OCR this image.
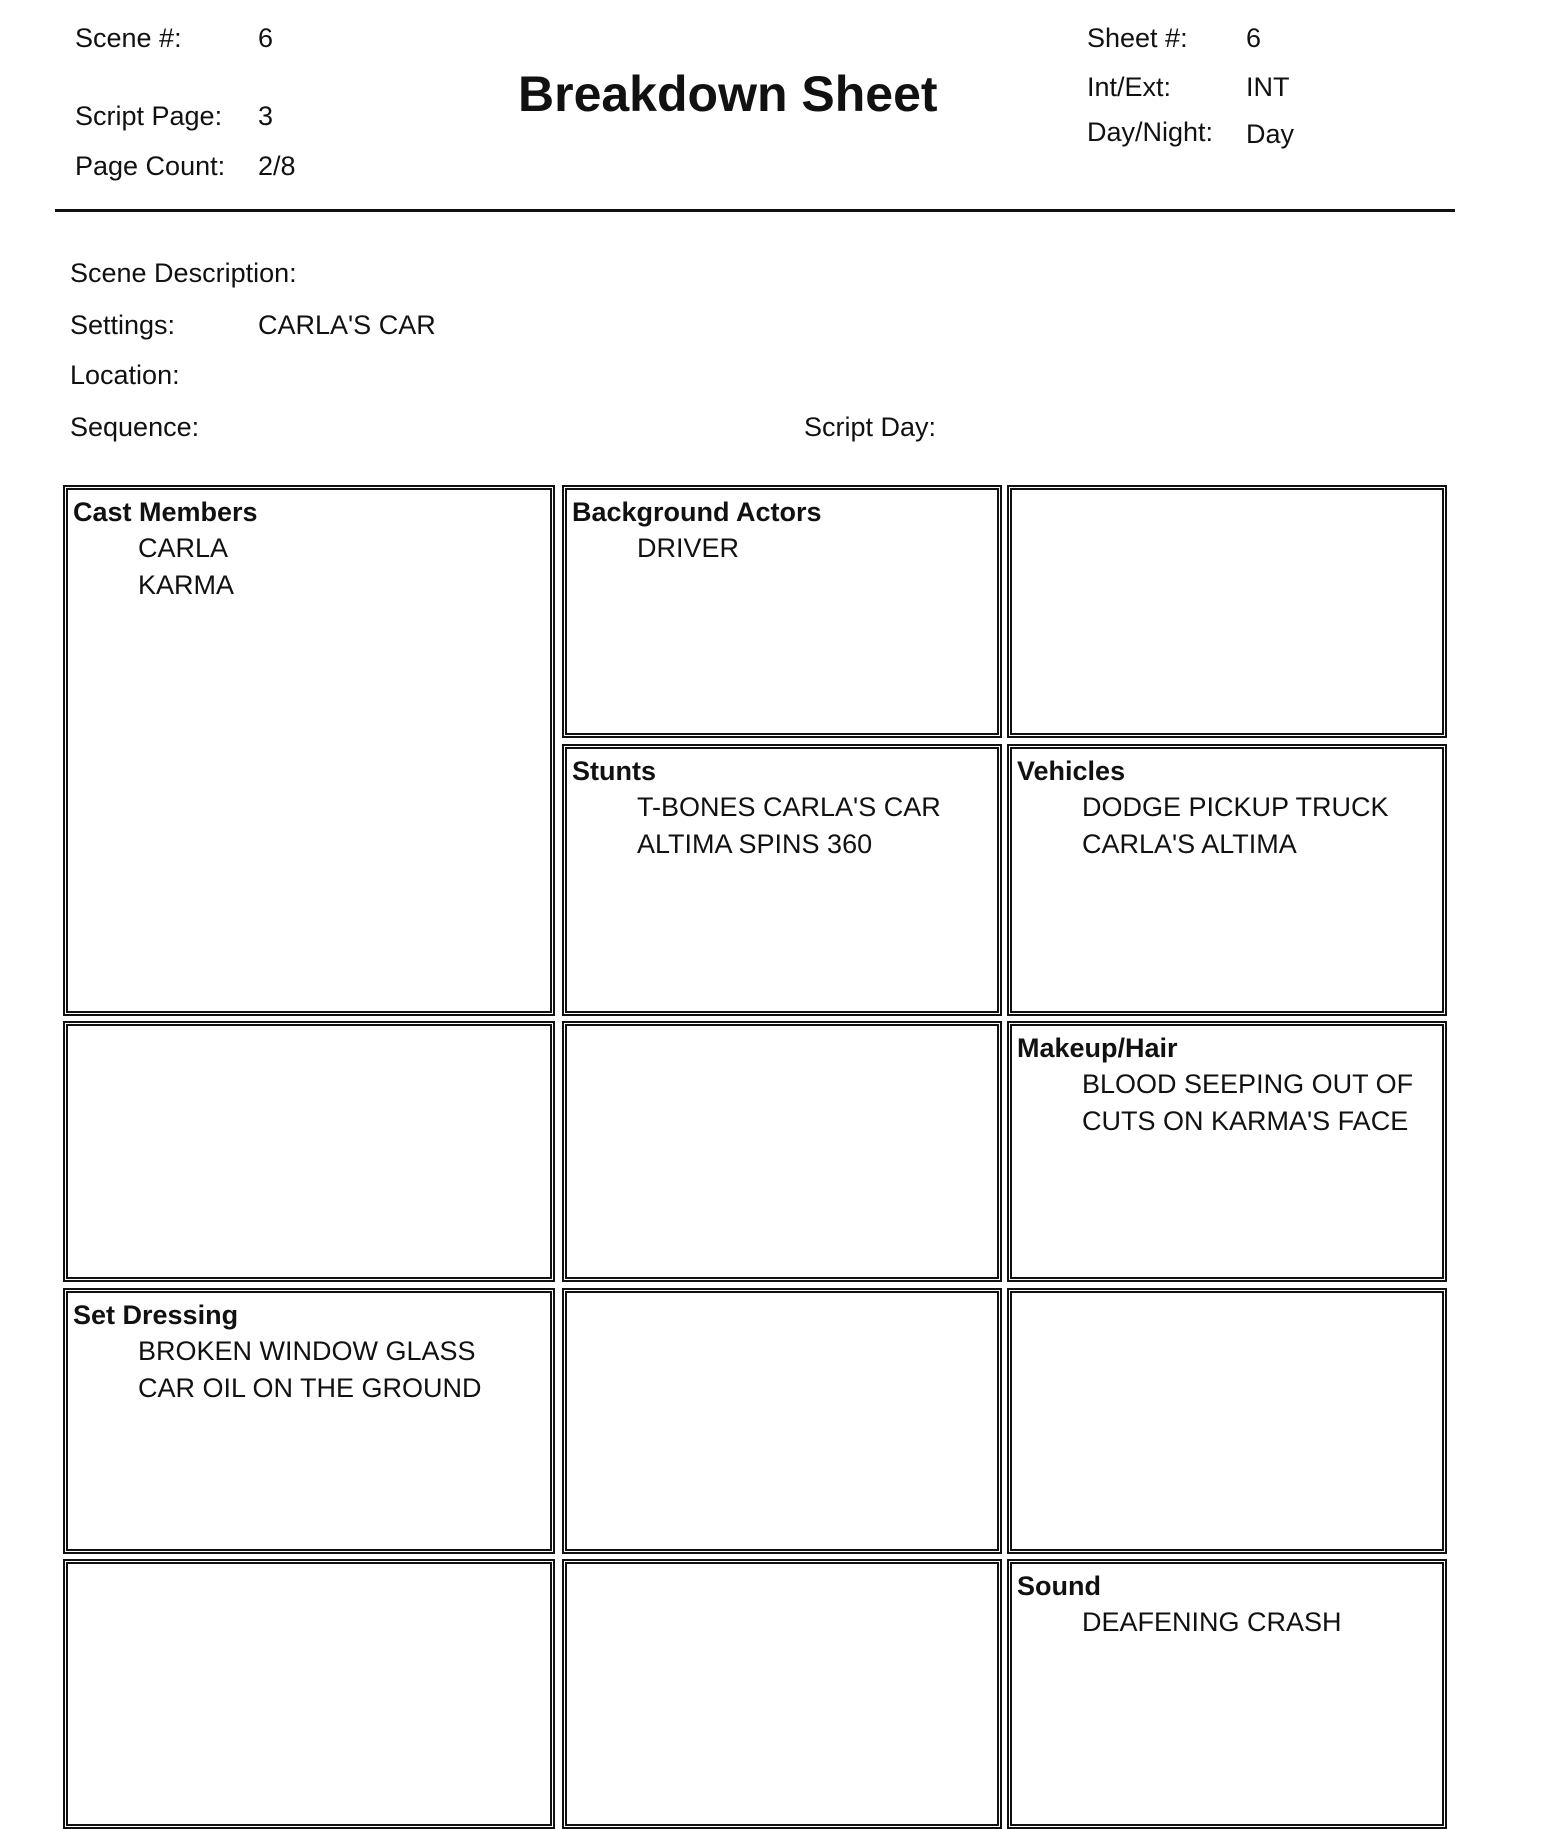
Scene #:	6
Script Page: 3
Page Count: 2/8
Breakdown Sheet
Sheet #: 6
Int/Ext:	INT
Day/Night: Day
Scene Description:
Settings:	CARLA'S CAR
Location:
Sequence:	Script Day:
Cast Members
CARLA
KARMA
Background Actors
DRIVER
Stunts
T-BONES CARLA'S CAR
ALTIMA SPINS 360
Vehicles
DODGE PICKUP TRUCK
CARLA'S ALTIMA
Makeup/Hair
BLOOD SEEPING OUT OF
CUTS ON KARMA'S FACE
Set Dressing
BROKEN WINDOW GLASS
CAR OIL ON THE GROUND
Sound
DEAFENING CRASH
